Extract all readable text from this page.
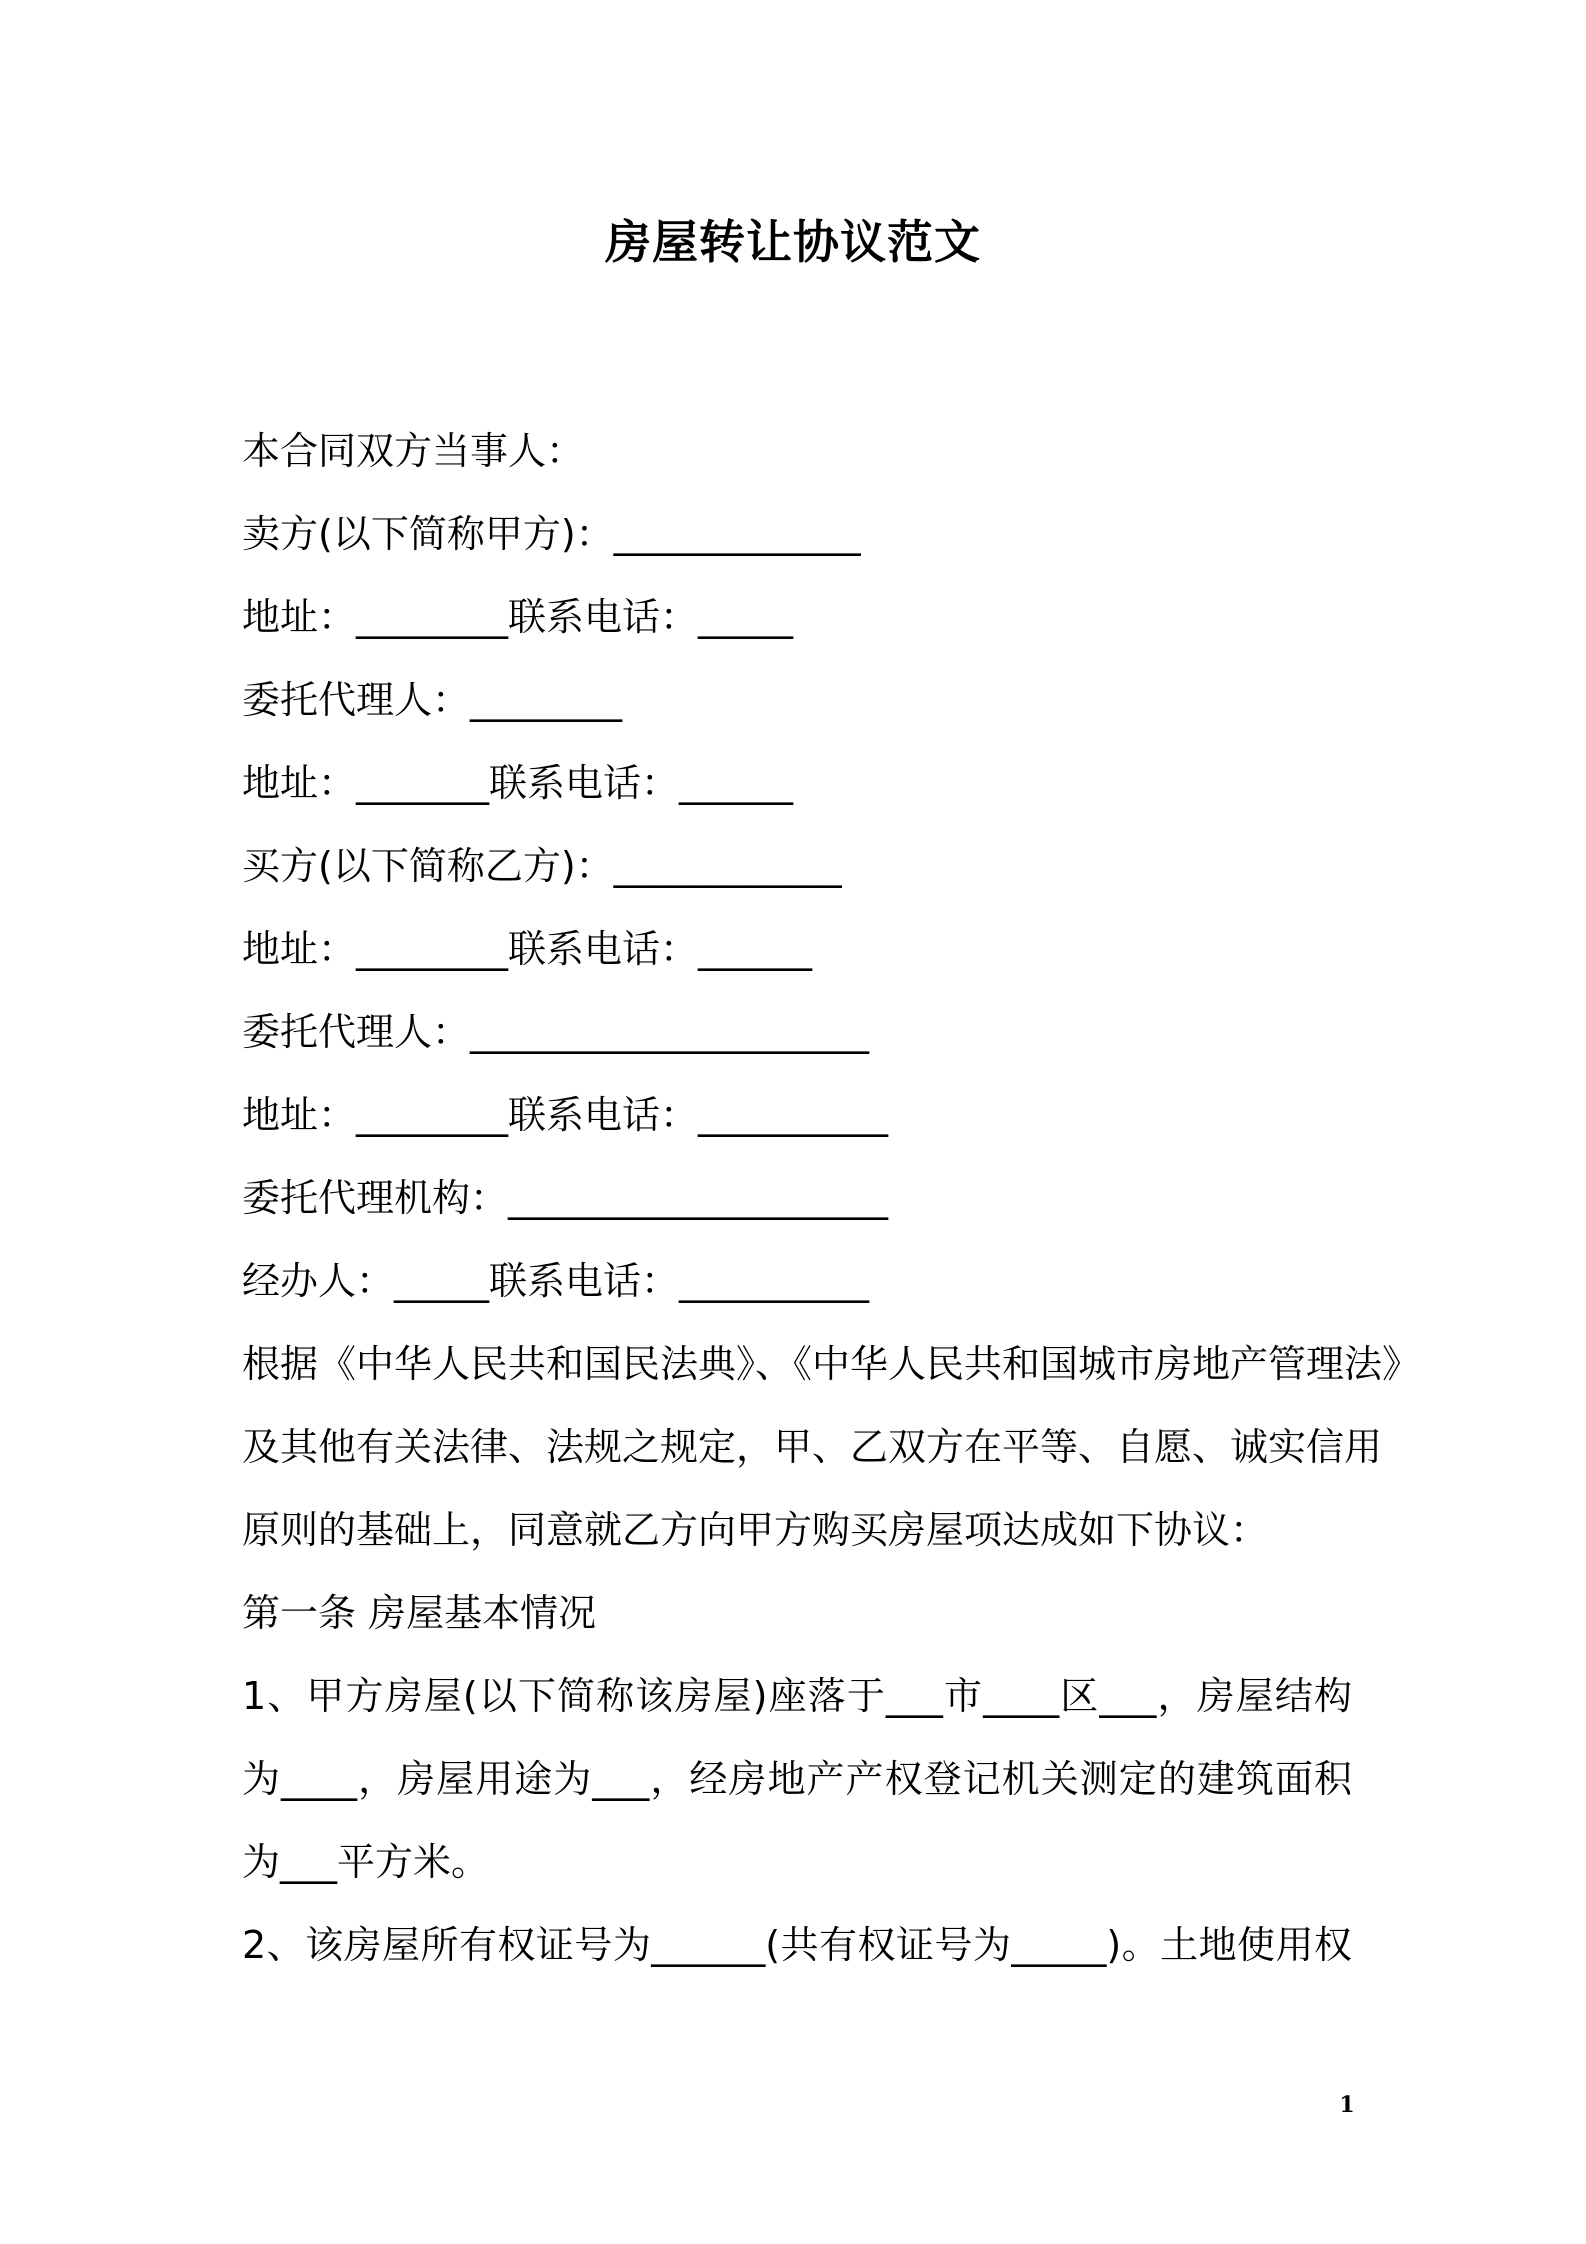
房屋转让协议范文
本合同双方当事人：
卖方(以下简称甲方)：_____________
地址：________联系电话：_____
委托代理人：________
地址：_______联系电话：______
买方(以下简称乙方)：____________
地址：________联系电话：______
委托代理人：_____________________
地址：________联系电话：__________
委托代理机构：____________________
经办人：_____联系电话：__________
根据《中华人民共和国民法典》、《中华人民共和国城市房地产管理法》
及其他有关法律、法规之规定，甲、乙双方在平等、自愿、诚实信用
原则的基础上，同意就乙方向甲方购买房屋项达成如下协议：
第一条 房屋基本情况
1、甲方房屋(以下简称该房屋)座落于___市____区___，房屋结构
为____，房屋用途为___，经房地产产权登记机关测定的建筑面积
为___平方米。
2、该房屋所有权证号为______(共有权证号为_____)。土地使用权
1
